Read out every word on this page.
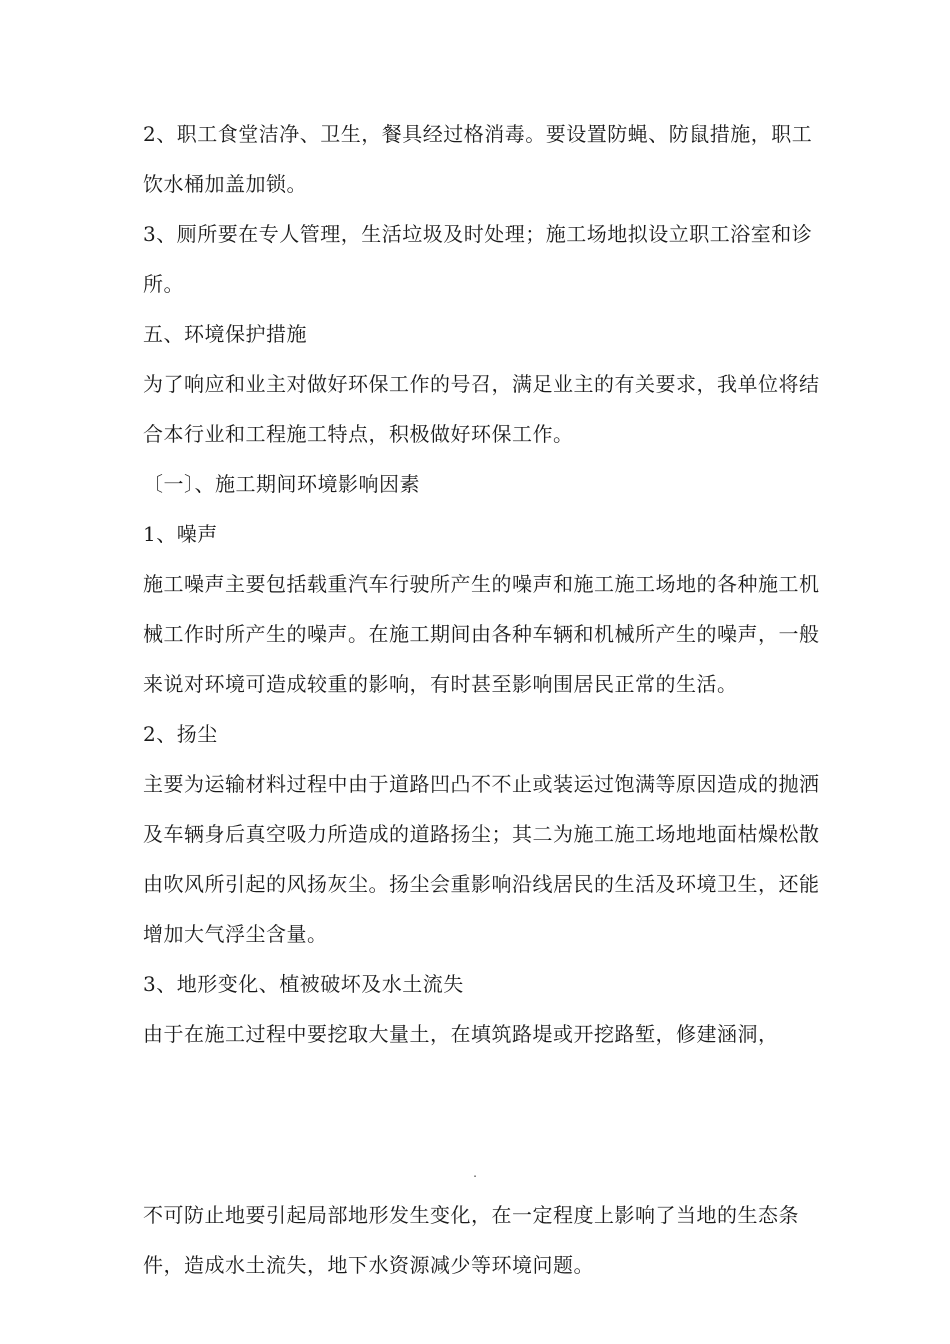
2、职工食堂洁净、卫生，餐具经过格消毒。要设置防蝇、防鼠措施，职工饮水桶加盖加锁。

3、厕所要在专人管理，生活垃圾及时处理；施工场地拟设立职工浴室和诊所。

五、环境保护措施

为了响应和业主对做好环保工作的号召，满足业主的有关要求，我单位将结合本行业和工程施工特点，积极做好环保工作。

〔一〕、施工期间环境影响因素

1、噪声

施工噪声主要包括载重汽车行驶所产生的噪声和施工施工场地的各种施工机械工作时所产生的噪声。在施工期间由各种车辆和机械所产生的噪声，一般来说对环境可造成较重的影响，有时甚至影响围居民正常的生活。

2、扬尘

主要为运输材料过程中由于道路凹凸不不止或装运过饱满等原因造成的抛洒及车辆身后真空吸力所造成的道路扬尘；其二为施工施工场地地面枯燥松散由吹风所引起的风扬灰尘。扬尘会重影响沿线居民的生活及环境卫生，还能增加大气浮尘含量。

3、地形变化、植被破坏及水土流失

由于在施工过程中要挖取大量土，在填筑路堤或开挖路堑，修建涵洞，

.

不可防止地要引起局部地形发生变化，在一定程度上影响了当地的生态条件，造成水土流失，地下水资源减少等环境问题。
